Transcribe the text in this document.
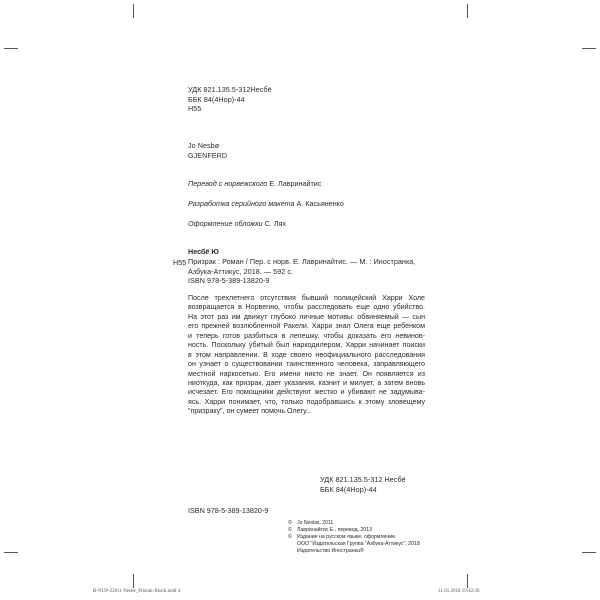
УДК 821.135.5-312Несбё
ББК 84(4Нор)-44
Н55
Jo Nesbø
GJENFERD
Перевод с норвежского Е. Лавринайтис
Разработка серийного макета А. Касьяненко
Оформление обложки С. Лях
Несбё Ю
Н55 Призрак : Роман / Пер. с норв. Е. Лавринайтис. — М. : Иностранка,
Азбука-Аттикус, 2018. — 592 с.
ISBN 978-5-389-13820-9
После трехлетнего отсутствия бывший полицейский Харри Холе
возвращается в Норвегию, чтобы расследовать еще одно убийство.
На этот раз им движут глубоко личные мотивы: обвиняемый — сын
его прежней возлюбленной Ракели. Харри знал Олега еще ребенком
и теперь готов разбиться в лепешку, чтобы доказать его невинов-
ность. Поскольку убитый был наркодилером, Харри начинает поиски
в этом направлении. В ходе своего неофициального расследования
он узнает о существовании таинственного человека, заправляющего
местной наркосетью. Его имени никто не знает. Он появляется из
ниоткуда, как призрак, дает указания, казнит и милует, а затем вновь
исчезает. Его помощники действуют жестко и убивают не задумыва-
ясь. Харри понимает, что, только подобравшись к этому зловещему
"призраку", он сумеет помочь Олегу...
УДК 821.135.5-312 Несбё
ББК 84(4Нор)-44
ISBN 978-5-389-13820-9
© Jo Nesbø, 2011
© Лавринайтис Е., перевод, 2013
© Издание на русском языке, оформление.
ООО "Издательская Группа "Азбука-Аттикус", 2018
Издательство Иностранка®
B-NUP-22011 Nesbe_Prizrak-Block.indd 4	31.01.2018 19:42:30
